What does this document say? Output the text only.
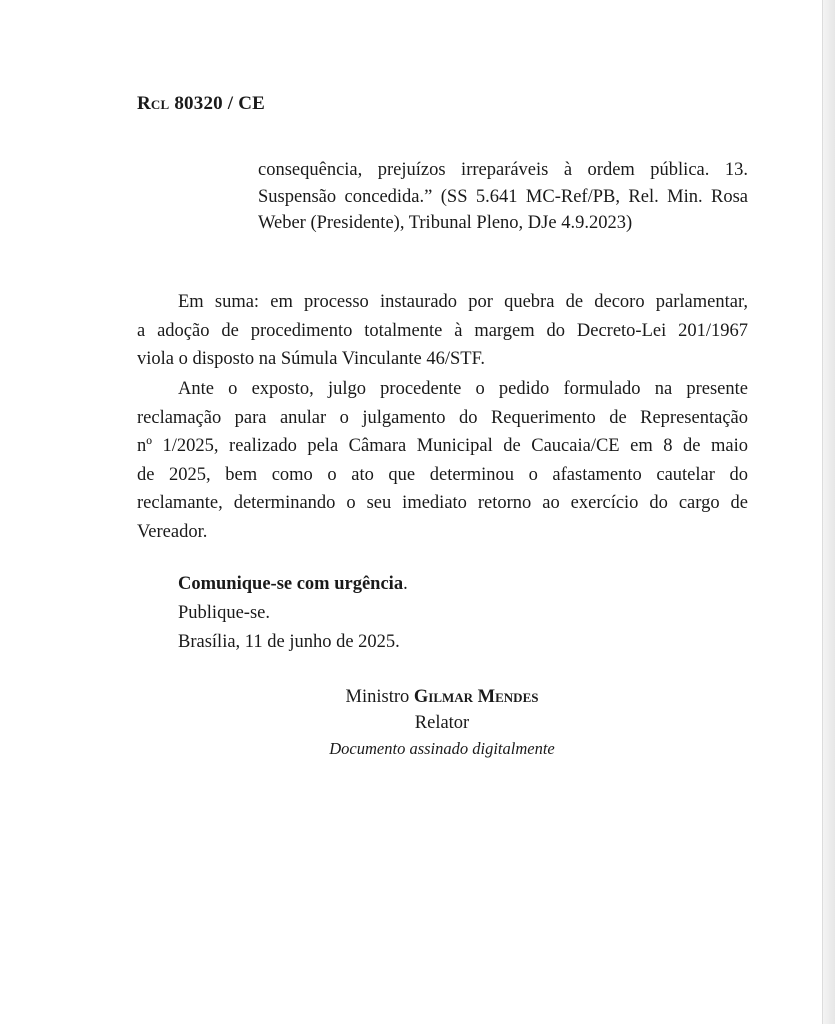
Rcl 80320 / CE
consequência, prejuízos irreparáveis à ordem pública. 13.
Suspensão concedida.” (SS 5.641 MC-Ref/PB, Rel. Min. Rosa
Weber (Presidente), Tribunal Pleno, DJe 4.9.2023)
Em suma: em processo instaurado por quebra de decoro parlamentar,
a adoção de procedimento totalmente à margem do Decreto-Lei 201/1967
viola o disposto na Súmula Vinculante 46/STF.
Ante o exposto, julgo procedente o pedido formulado na presente
reclamação para anular o julgamento do Requerimento de Representação
nº 1/2025, realizado pela Câmara Municipal de Caucaia/CE em 8 de maio
de 2025, bem como o ato que determinou o afastamento cautelar do
reclamante, determinando o seu imediato retorno ao exercício do cargo de
Vereador.
Comunique-se com urgência.
Publique-se.
Brasília, 11 de junho de 2025.
Ministro Gilmar Mendes
Relator
Documento assinado digitalmente
